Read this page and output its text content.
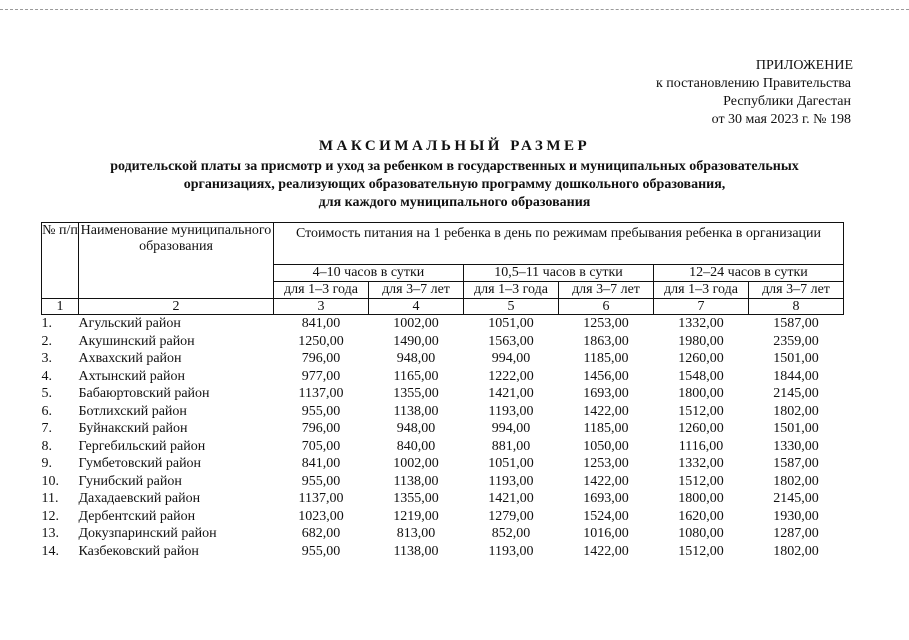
ПРИЛОЖЕНИЕ
к постановлению Правительства
Республики Дагестан
от 30 мая 2023 г. № 198
МАКСИМАЛЬНЫЙ РАЗМЕР
родительской платы за присмотр и уход за ребенком в государственных и муниципальных образовательных
организациях, реализующих образовательную программу дошкольного образования,
для каждого муниципального образования
№ п/п	Наименование муниципального образования	Стоимость питания на 1 ребенка в день по режимам пребывания ребенка в организации					
		4–10 часов в сутки		10,5–11 часов в сутки		12–24 часов в сутки	
		для 1–3 года	для 3–7 лет	для 1–3 года	для 3–7 лет	для 1–3 года	для 3–7 лет
1	2	3	4	5	6	7	8
1.	Агульский район	841,00	1002,00	1051,00	1253,00	1332,00	1587,00
2.	Акушинский район	1250,00	1490,00	1563,00	1863,00	1980,00	2359,00
3.	Ахвахский район	796,00	948,00	994,00	1185,00	1260,00	1501,00
4.	Ахтынский район	977,00	1165,00	1222,00	1456,00	1548,00	1844,00
5.	Бабаюртовский район	1137,00	1355,00	1421,00	1693,00	1800,00	2145,00
6.	Ботлихский район	955,00	1138,00	1193,00	1422,00	1512,00	1802,00
7.	Буйнакский район	796,00	948,00	994,00	1185,00	1260,00	1501,00
8.	Гергебильский район	705,00	840,00	881,00	1050,00	1116,00	1330,00
9.	Гумбетовский район	841,00	1002,00	1051,00	1253,00	1332,00	1587,00
10.	Гунибский район	955,00	1138,00	1193,00	1422,00	1512,00	1802,00
11.	Дахадаевский район	1137,00	1355,00	1421,00	1693,00	1800,00	2145,00
12.	Дербентский район	1023,00	1219,00	1279,00	1524,00	1620,00	1930,00
13.	Докузпаринский район	682,00	813,00	852,00	1016,00	1080,00	1287,00
14.	Казбековский район	955,00	1138,00	1193,00	1422,00	1512,00	1802,00
